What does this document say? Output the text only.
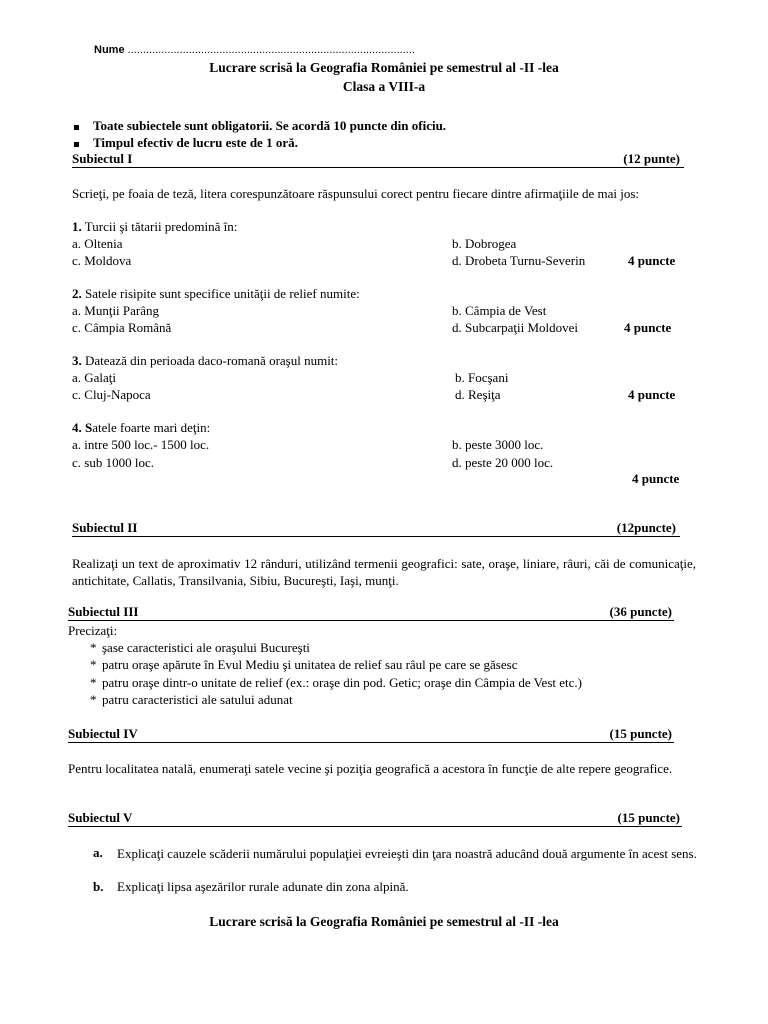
Nume ..............................................................................................
Lucrare scrisă la Geografia României pe semestrul al -II -lea
Clasa a VIII-a
Toate subiectele sunt obligatorii. Se acordă 10 puncte din oficiu.
Timpul efectiv de lucru este de 1 oră.
Subiectul I	(12 punte)
Scrieţi, pe foaia de teză, litera corespunzătoare răspunsului corect pentru fiecare dintre afirmaţiile de mai jos:
1. Turcii şi tătarii predomină în:
a. Oltenia	b. Dobrogea
c. Moldova	d. Drobeta Turnu-Severin	4 puncte
2. Satele risipite sunt specifice unităţii de relief numite:
a. Munţii Parâng	b. Câmpia de Vest
c. Câmpia Română	d. Subcarpaţii Moldovei	4 puncte
3. Datează din perioada daco-romană oraşul numit:
a. Galaţi	b. Focşani
c. Cluj-Napoca	d. Reşiţa	4 puncte
4. Satele foarte mari deţin:
a. intre 500 loc.- 1500 loc.	b. peste 3000 loc.
c. sub 1000 loc.	d. peste 20 000 loc.
4 puncte
Subiectul II	(12puncte)
Realizaţi un text de aproximativ 12 rânduri, utilizând termenii geografici: sate, oraşe, liniare, râuri, căi de comunicaţie, antichitate, Callatis, Transilvania, Sibiu, Bucureşti, Iaşi, munţi.
Subiectul III	(36 puncte)
Precizaţi:
* şase caracteristici ale oraşului Bucureşti
* patru oraşe apărute în Evul Mediu şi unitatea de relief sau râul pe care se găsesc
* patru oraşe dintr-o unitate de relief (ex.: oraşe din pod. Getic; oraşe din Câmpia de Vest etc.)
* patru caracteristici ale satului adunat
Subiectul IV	(15 puncte)
Pentru localitatea natală, enumeraţi satele vecine şi poziţia geografică a acestora în funcţie de alte repere geografice.
Subiectul V	(15 puncte)
a. Explicaţi cauzele scăderii numărului populaţiei evreieşti din ţara noastră aducând două argumente în acest sens.
b. Explicaţi lipsa aşezărilor rurale adunate din zona alpină.
Lucrare scrisă la Geografia României pe semestrul al -II -lea
